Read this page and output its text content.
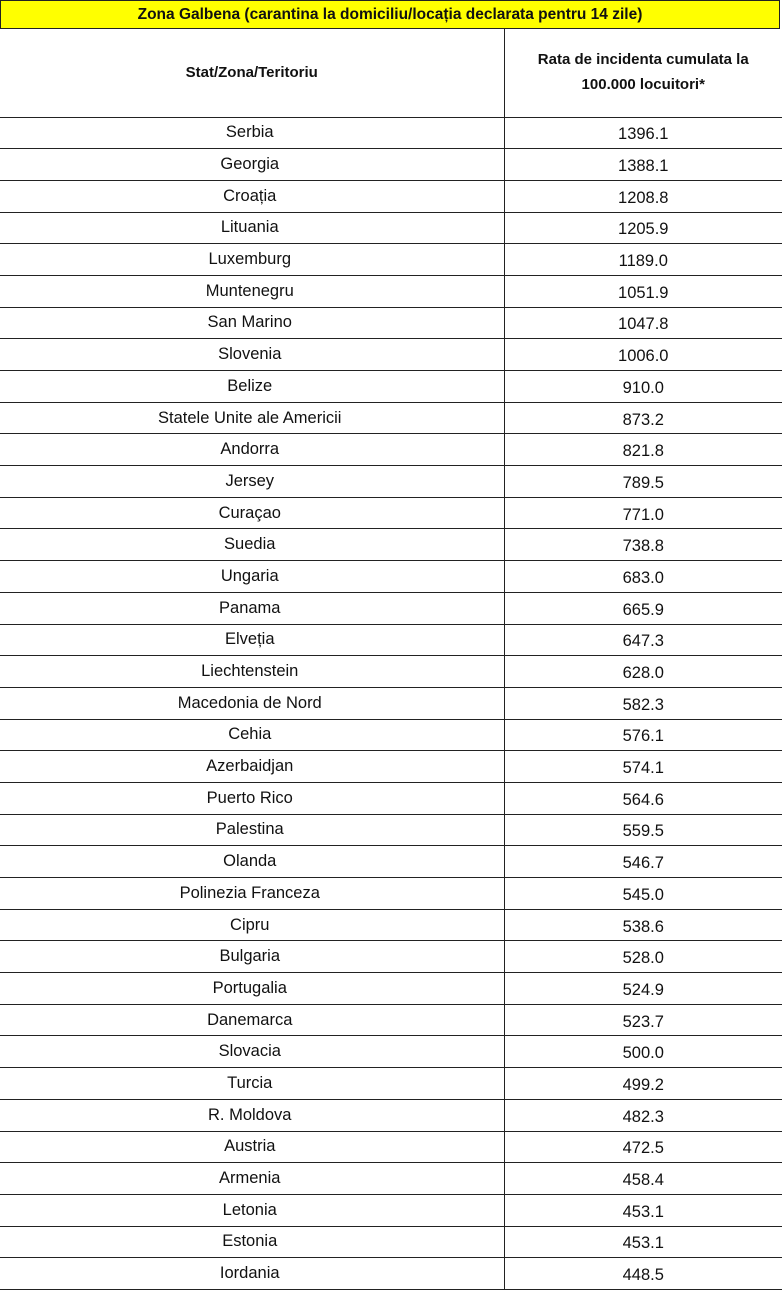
Zona Galbena (carantina la domiciliu/locația declarata pentru 14 zile)
Stat/Zona/Teritoriu	Rata de incidenta cumulata la
100.000 locuitori*
Serbia	1396.1
Georgia	1388.1
Croația	1208.8
Lituania	1205.9
Luxemburg	1189.0
Muntenegru	1051.9
San Marino	1047.8
Slovenia	1006.0
Belize	910.0
Statele Unite ale Americii	873.2
Andorra	821.8
Jersey	789.5
Curaçao	771.0
Suedia	738.8
Ungaria	683.0
Panama	665.9
Elveția	647.3
Liechtenstein	628.0
Macedonia de Nord	582.3
Cehia	576.1
Azerbaidjan	574.1
Puerto Rico	564.6
Palestina	559.5
Olanda	546.7
Polinezia Franceza	545.0
Cipru	538.6
Bulgaria	528.0
Portugalia	524.9
Danemarca	523.7
Slovacia	500.0
Turcia	499.2
R. Moldova	482.3
Austria	472.5
Armenia	458.4
Letonia	453.1
Estonia	453.1
Iordania	448.5
